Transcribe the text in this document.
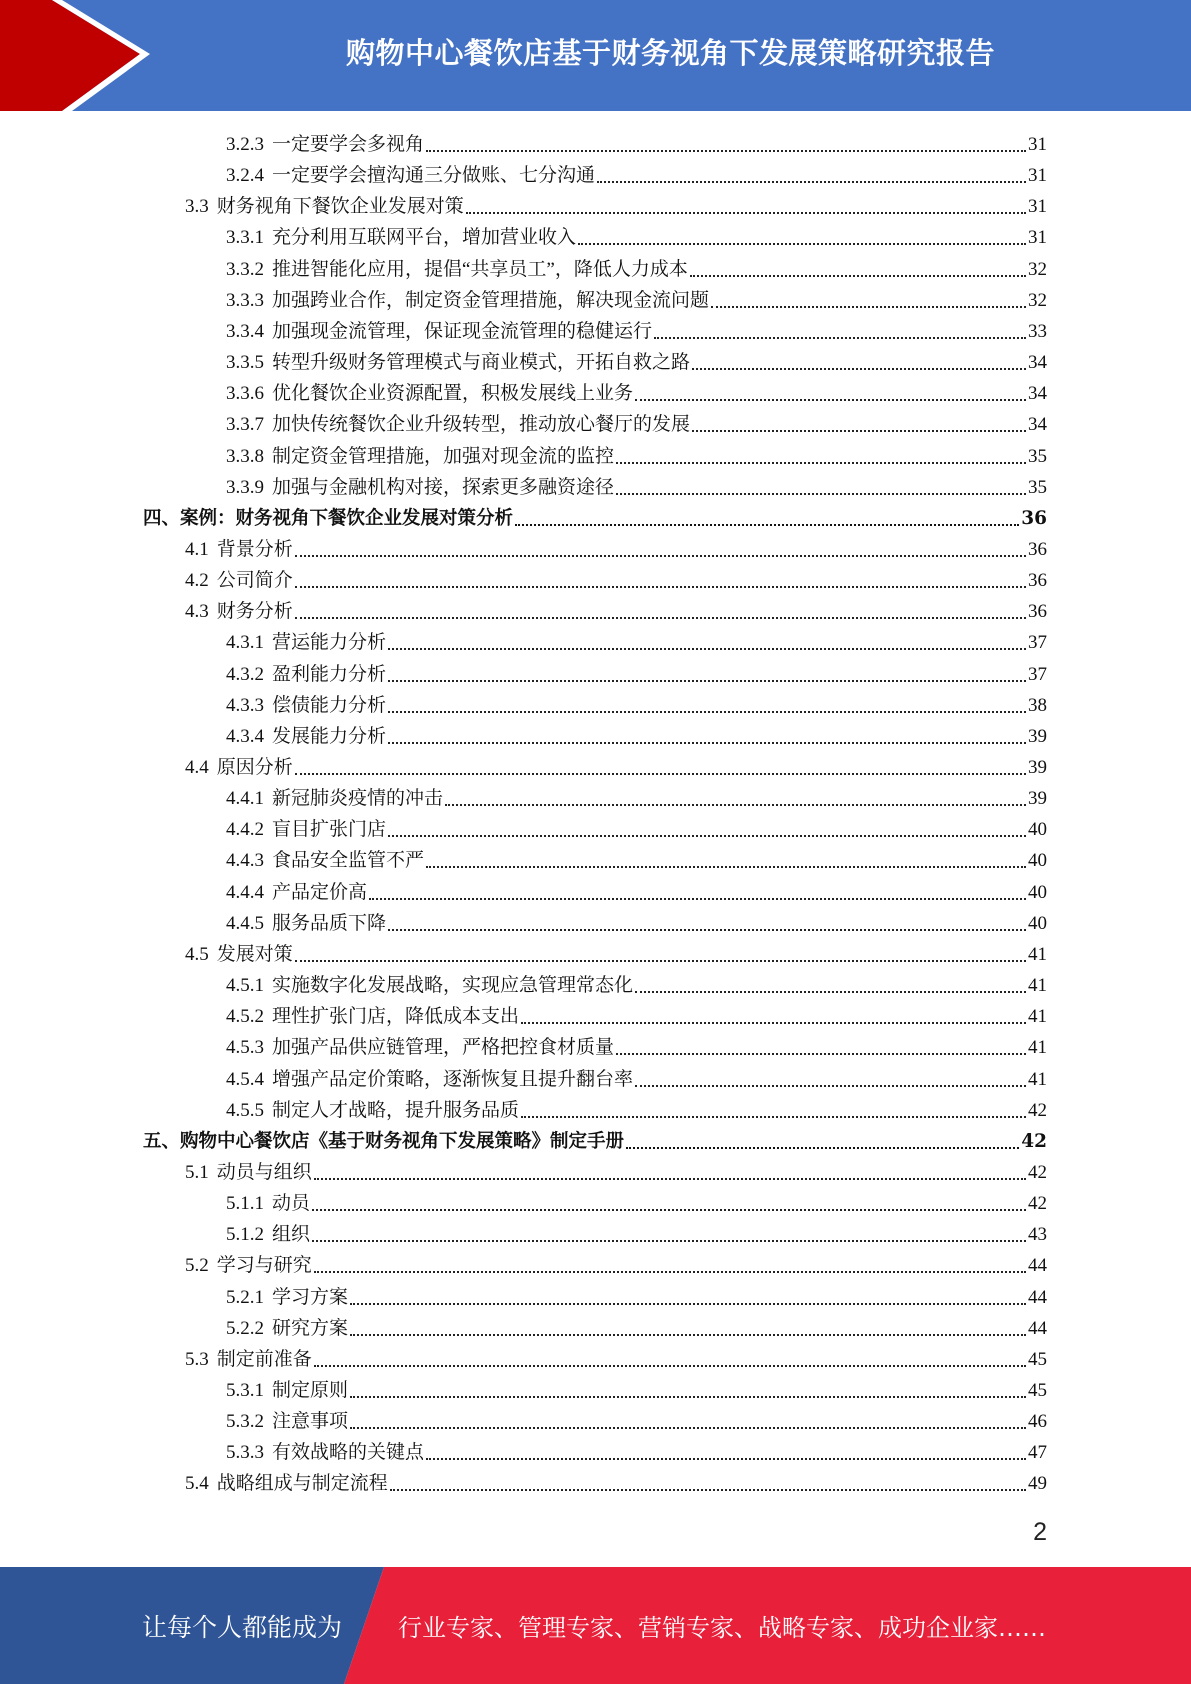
购物中心餐饮店基于财务视角下发展策略研究报告
3.2.3 一定要学会多视角	31
3.2.4 一定要学会擅沟通三分做账、七分沟通	31
3.3 财务视角下餐饮企业发展对策	31
3.3.1 充分利用互联网平台，增加营业收入	31
3.3.2 推进智能化应用，提倡“共享员工”，降低人力成本	32
3.3.3 加强跨业合作，制定资金管理措施，解决现金流问题	32
3.3.4 加强现金流管理，保证现金流管理的稳健运行	33
3.3.5 转型升级财务管理模式与商业模式，开拓自救之路	34
3.3.6 优化餐饮企业资源配置，积极发展线上业务	34
3.3.7 加快传统餐饮企业升级转型，推动放心餐厅的发展	34
3.3.8 制定资金管理措施，加强对现金流的监控	35
3.3.9 加强与金融机构对接，探索更多融资途径	35
四、案例：财务视角下餐饮企业发展对策分析	36
4.1 背景分析	36
4.2 公司简介	36
4.3 财务分析	36
4.3.1 营运能力分析	37
4.3.2 盈利能力分析	37
4.3.3 偿债能力分析	38
4.3.4 发展能力分析	39
4.4 原因分析	39
4.4.1 新冠肺炎疫情的冲击	39
4.4.2 盲目扩张门店	40
4.4.3 食品安全监管不严	40
4.4.4 产品定价高	40
4.4.5 服务品质下降	40
4.5 发展对策	41
4.5.1 实施数字化发展战略，实现应急管理常态化	41
4.5.2 理性扩张门店，降低成本支出	41
4.5.3 加强产品供应链管理，严格把控食材质量	41
4.5.4 增强产品定价策略，逐渐恢复且提升翻台率	41
4.5.5 制定人才战略，提升服务品质	42
五、购物中心餐饮店《基于财务视角下发展策略》制定手册	42
5.1 动员与组织	42
5.1.1 动员	42
5.1.2 组织	43
5.2 学习与研究	44
5.2.1 学习方案	44
5.2.2 研究方案	44
5.3 制定前准备	45
5.3.1 制定原则	45
5.3.2 注意事项	46
5.3.3 有效战略的关键点	47
5.4 战略组成与制定流程	49
2
让每个人都能成为 行业专家、管理专家、营销专家、战略专家、成功企业家……
